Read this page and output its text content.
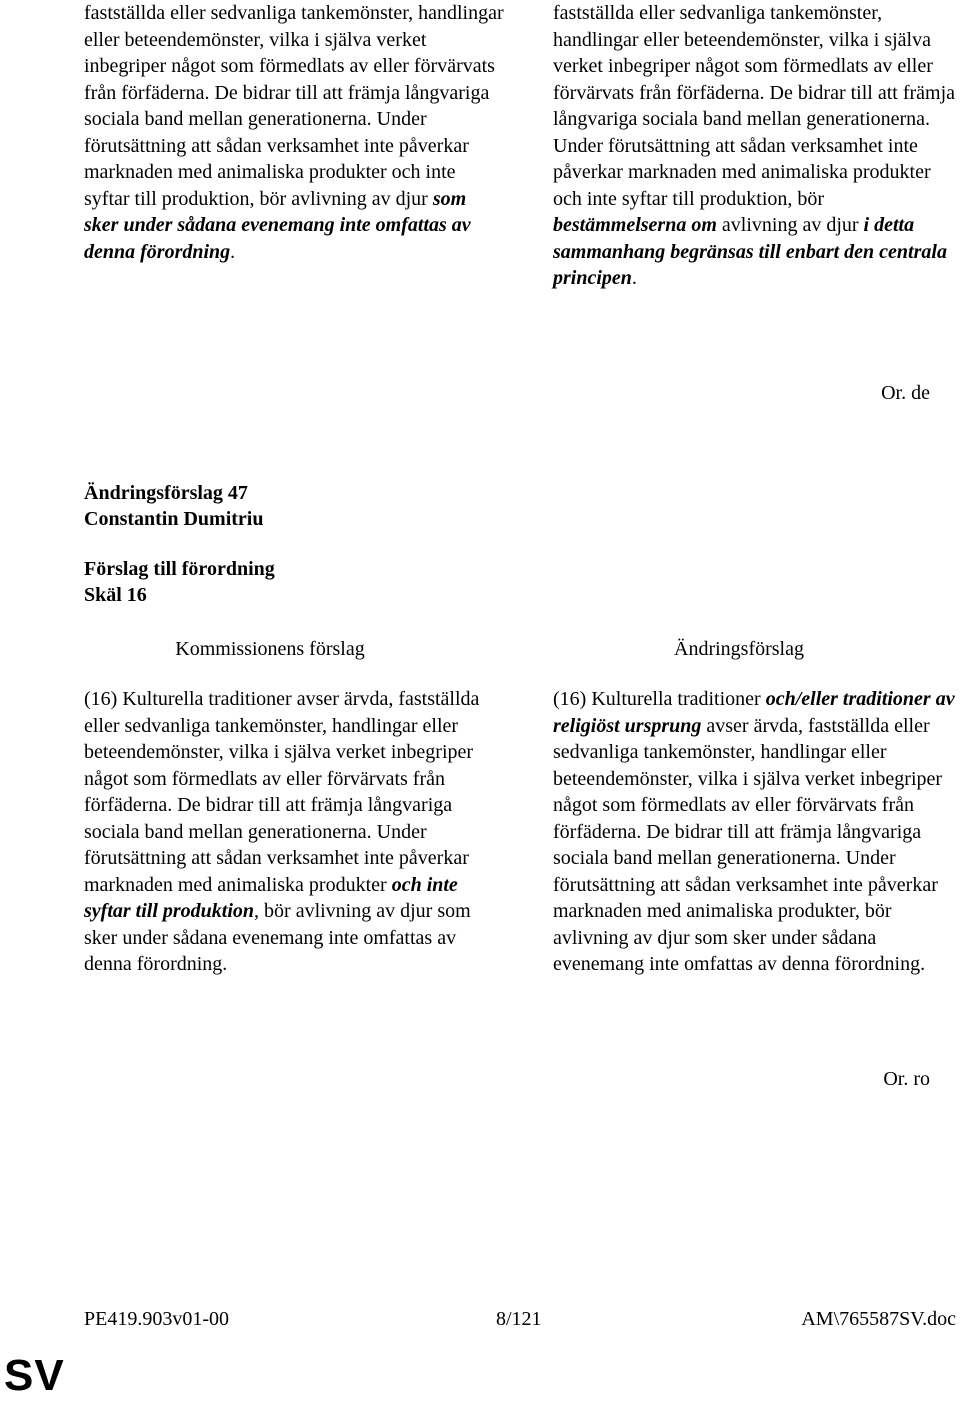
fastställda eller sedvanliga tankemönster, handlingar eller beteendemönster, vilka i själva verket inbegriper något som förmedlats av eller förvärvats från förfäderna. De bidrar till att främja långvariga sociala band mellan generationerna. Under förutsättning att sådan verksamhet inte påverkar marknaden med animaliska produkter och inte syftar till produktion, bör avlivning av djur som sker under sådana evenemang inte omfattas av denna förordning.

fastställda eller sedvanliga tankemönster, handlingar eller beteendemönster, vilka i själva verket inbegriper något som förmedlats av eller förvärvats från förfäderna. De bidrar till att främja långvariga sociala band mellan generationerna. Under förutsättning att sådan verksamhet inte påverkar marknaden med animaliska produkter och inte syftar till produktion, bör bestämmelserna om avlivning av djur i detta sammanhang begränsas till enbart den centrala principen.

Or. de

Ändringsförslag 47

Constantin Dumitriu

Förslag till förordning

Skäl 16

Kommissionens förslag	Ändringsförslag

(16) Kulturella traditioner avser ärvda, fastställda eller sedvanliga tankemönster, handlingar eller beteendemönster, vilka i själva verket inbegriper något som förmedlats av eller förvärvats från förfäderna. De bidrar till att främja långvariga sociala band mellan generationerna. Under förutsättning att sådan verksamhet inte påverkar marknaden med animaliska produkter och inte syftar till produktion, bör avlivning av djur som sker under sådana evenemang inte omfattas av denna förordning.

(16) Kulturella traditioner och/eller traditioner av religiöst ursprung avser ärvda, fastställda eller sedvanliga tankemönster, handlingar eller beteendemönster, vilka i själva verket inbegriper något som förmedlats av eller förvärvats från förfäderna. De bidrar till att främja långvariga sociala band mellan generationerna. Under förutsättning att sådan verksamhet inte påverkar marknaden med animaliska produkter, bör avlivning av djur som sker under sådana evenemang inte omfattas av denna förordning.

Or. ro
PE419.903v01-00	8/121	AM\765587SV.doc
SV
